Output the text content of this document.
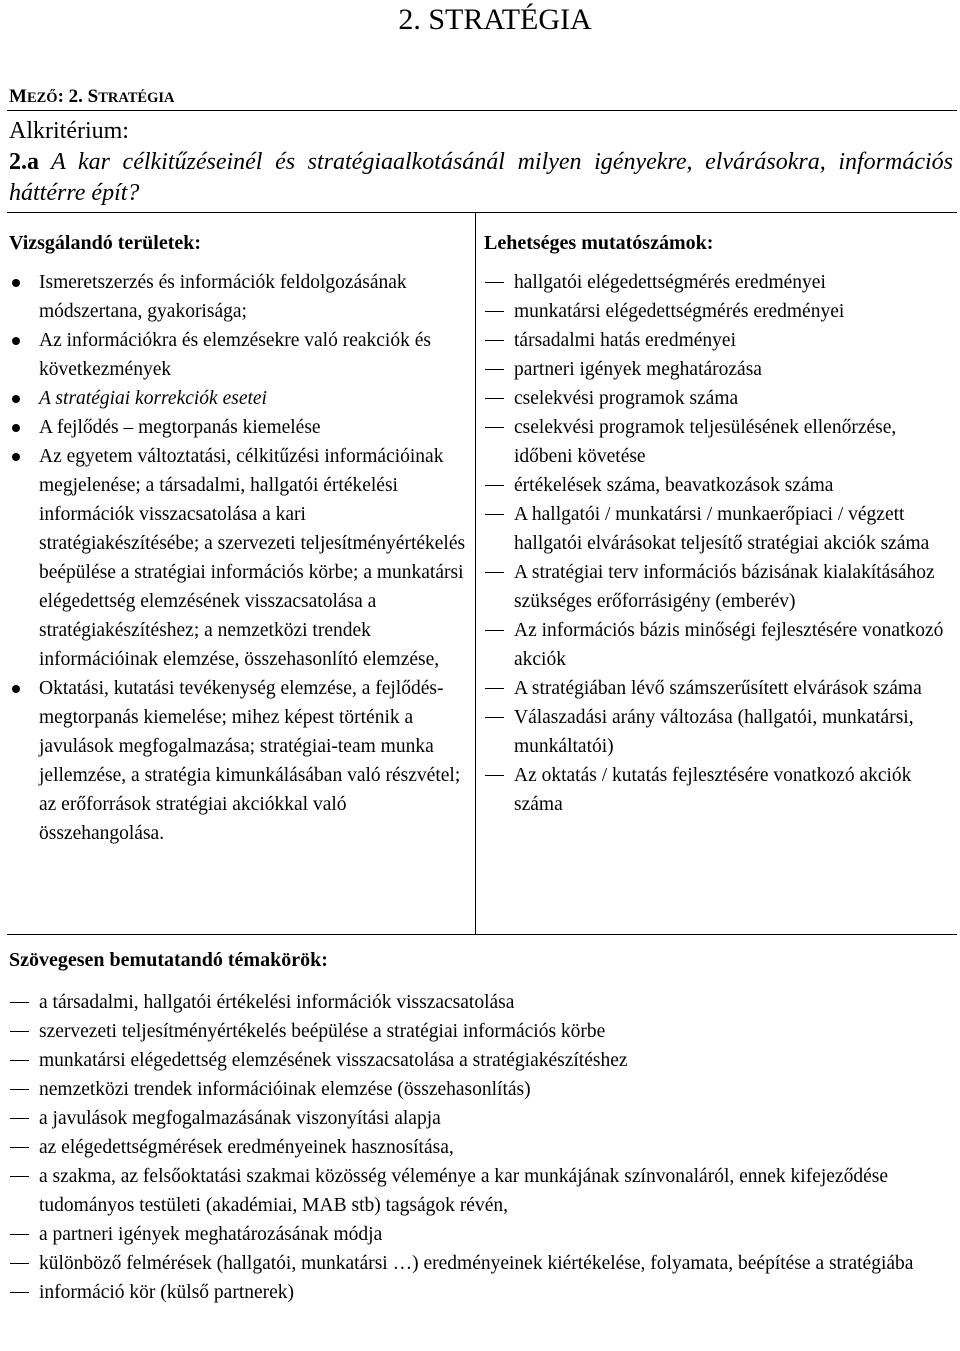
2. STRATÉGIA
MEZŐ: 2. STRATÉGIA
Alkritérium:
2.a A kar célkitűzéseinél és stratégiaalkotásánál milyen igényekre, elvárásokra, információs háttérre épít?
Vizsgálandó területek:	Lehetséges mutatószámok:
Ismeretszerzés és információk feldolgozásának módszertana, gyakorisága;
Az információkra és elemzésekre való reakciók és következmények
A stratégiai korrekciók esetei
A fejlődés – megtorpanás kiemelése
Az egyetem változtatási, célkitűzési információinak megjelenése; a társadalmi, hallgatói értékelési információk visszacsatolása a kari stratégiakészítésébe; a szervezeti teljesítményértékelés beépülése a stratégiai információs körbe; a munkatársi elégedettség elemzésének visszacsatolása a stratégiakészítéshez; a nemzetközi trendek információinak elemzése, összehasonlító elemzése,
Oktatási, kutatási tevékenység elemzése, a fejlődés-megtorpanás kiemelése; mihez képest történik a javulások megfogalmazása; stratégiai-team munka jellemzése, a stratégia kimunkálásában való részvétel; az erőforrások stratégiai akciókkal való összehangolása.
hallgatói elégedettségmérés eredményei
munkatársi elégedettségmérés eredményei
társadalmi hatás eredményei
partneri igények meghatározása
cselekvési programok száma
cselekvési programok teljesülésének ellenőrzése, időbeni követése
értékelések száma, beavatkozások száma
A hallgatói / munkatársi / munkaerőpiaci / végzett hallgatói elvárásokat teljesítő stratégiai akciók száma
A stratégiai terv információs bázisának kialakításához szükséges erőforrásigény (emberév)
Az információs bázis minőségi fejlesztésére vonatkozó akciók
A stratégiában lévő számszerűsített elvárások száma
Válaszadási arány változása (hallgatói, munkatársi, munkáltatói)
Az oktatás / kutatás fejlesztésére vonatkozó akciók száma
Szövegesen bemutatandó témakörök:
a társadalmi, hallgatói értékelési információk visszacsatolása
szervezeti teljesítményértékelés beépülése a stratégiai információs körbe
munkatársi elégedettség elemzésének visszacsatolása a stratégiakészítéshez
nemzetközi trendek információinak elemzése (összehasonlítás)
a javulások megfogalmazásának viszonyítási alapja
az elégedettségmérések eredményeinek hasznosítása,
a szakma, az felsőoktatási szakmai közösség véleménye a kar munkájának színvonaláról, ennek kifejeződése tudományos testületi (akadémiai, MAB stb) tagságok révén,
a partneri igények meghatározásának módja
különböző felmérések (hallgatói, munkatársi …) eredményeinek kiértékelése, folyamata, beépítése a stratégiába
információ kör (külső partnerek)
